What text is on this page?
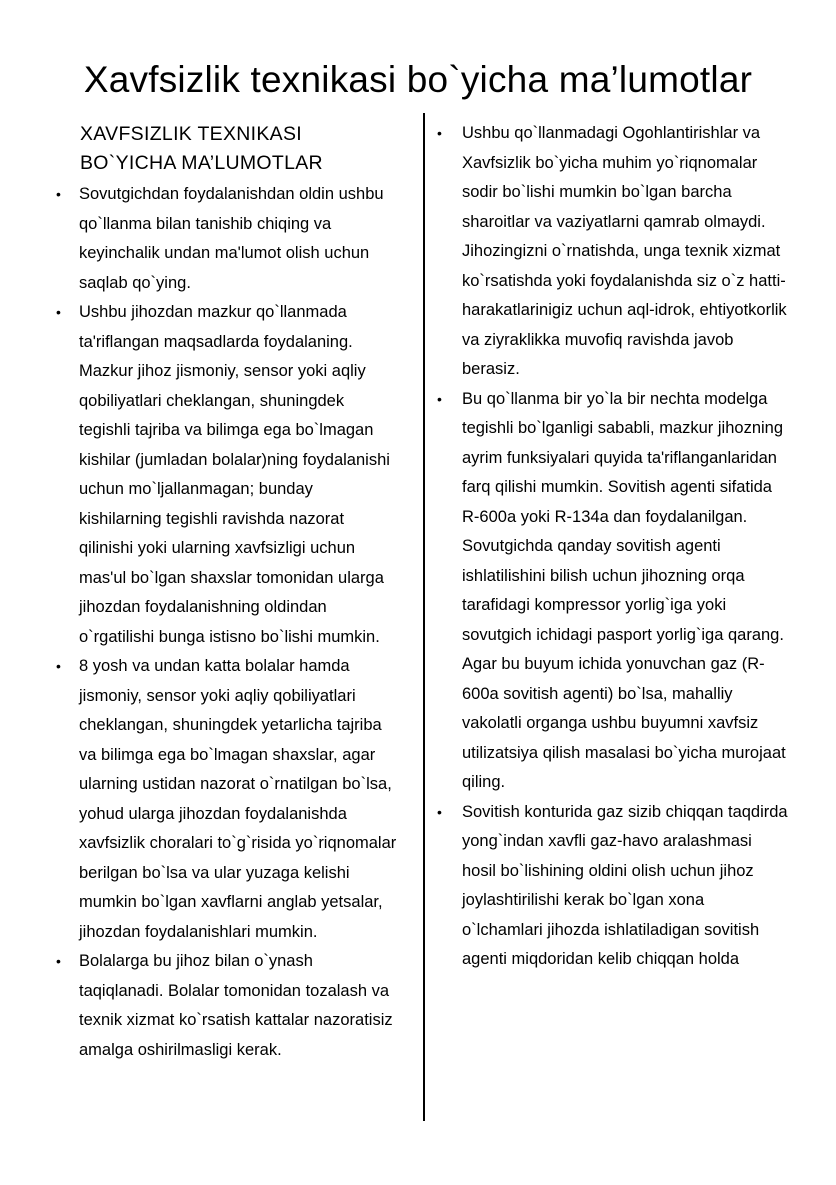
Xavfsizlik texnikasi bo`yicha ma’lumotlar
XAVFSIZLIK TEXNIKASI
BO`YICHA MA’LUMOTLAR
• Sovutgichdan foydalanishdan oldin ushbu qo`llanma bilan tanishib chiqing va keyinchalik undan ma'lumot olish uchun saqlab qo`ying.
• Ushbu jihozdan mazkur qo`llanmada ta'riflangan maqsadlarda foydalaning. Mazkur jihoz jismoniy, sensor yoki aqliy qobiliyatlari cheklangan, shuningdek tegishli tajriba va bilimga ega bo`lmagan kishilar (jumladan bolalar)ning foydalanishi uchun mo`ljallanmagan; bunday kishilarning tegishli ravishda nazorat qilinishi yoki ularning xavfsizligi uchun mas'ul bo`lgan shaxslar tomonidan ularga jihozdan foydalanishning oldindan o`rgatilishi bunga istisno bo`lishi mumkin.
• 8 yosh va undan katta bolalar hamda jismoniy, sensor yoki aqliy qobiliyatlari cheklangan, shuningdek yetarlicha tajriba va bilimga ega bo`lmagan shaxslar, agar ularning ustidan nazorat o`rnatilgan bo`lsa, yohud ularga jihozdan foydalanishda xavfsizlik choralari to`g`risida yo`riqnomalar berilgan bo`lsa va ular yuzaga kelishi mumkin bo`lgan xavflarni anglab yetsalar, jihozdan foydalanishlari mumkin.
• Bolalarga bu jihoz bilan o`ynash taqiqlanadi. Bolalar tomonidan tozalash va texnik xizmat ko`rsatish kattalar nazoratisiz amalga oshirilmasligi kerak.
• Ushbu qo`llanmadagi Ogohlantirishlar va Xavfsizlik bo`yicha muhim yo`riqnomalar sodir bo`lishi mumkin bo`lgan barcha sharoitlar va vaziyatlarni qamrab olmaydi. Jihozingizni o`rnatishda, unga texnik xizmat ko`rsatishda yoki foydalanishda siz o`z hatti-harakatlarinigiz uchun aql-idrok, ehtiyotkorlik va ziyraklikka muvofiq ravishda javob berasiz.
• Bu qo`llanma bir yo`la bir nechta modelga tegishli bo`lganligi sababli, mazkur jihozning ayrim funksiyalari quyida ta'riflanganlaridan farq qilishi mumkin. Sovitish agenti sifatida R-600a yoki R-134a dan foydalanilgan. Sovutgichda qanday sovitish agenti ishlatilishini bilish uchun jihozning orqa tarafidagi kompressor yorlig`iga yoki sovutgich ichidagi pasport yorlig`iga qarang. Agar bu buyum ichida yonuvchan gaz (R-600a sovitish agenti) bo`lsa, mahalliy vakolatli organga ushbu buyumni xavfsiz utilizatsiya qilish masalasi bo`yicha murojaat qiling.
• Sovitish konturida gaz sizib chiqqan taqdirda yong`indan xavfli gaz-havo aralashmasi hosil bo`lishining oldini olish uchun jihoz joylashtirilishi kerak bo`lgan xona o`lchamlari jihozda ishlatiladigan sovitish agenti miqdoridan kelib chiqqan holda
